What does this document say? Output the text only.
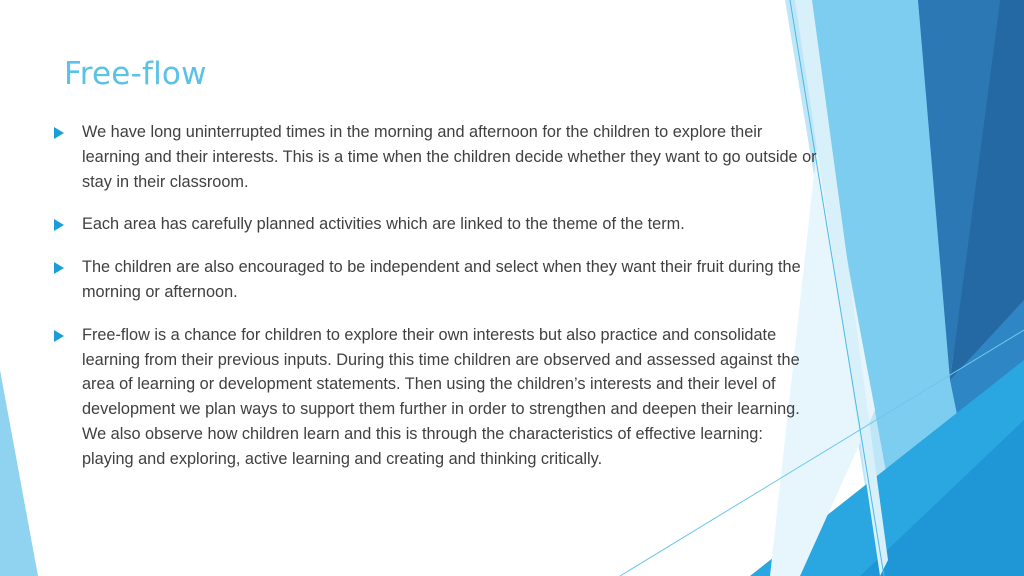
Free-flow
We have long uninterrupted times in the morning and afternoon for the children to explore their learning and their interests. This is a time when the children decide whether they want to go outside or stay in their classroom.
Each area has carefully planned activities which are linked to the theme of the term.
The children are also encouraged to be independent and select when they want their fruit during the morning or afternoon.
Free-flow is a chance for children to explore their own interests but also practice and consolidate learning from their previous inputs. During this time children are observed and assessed against the area of learning or development statements. Then using the children’s interests and their level of development we plan ways to support them further in order to strengthen and deepen their learning. We also observe how children learn and this is through the characteristics of effective learning: playing and exploring, active learning and creating and thinking critically.
